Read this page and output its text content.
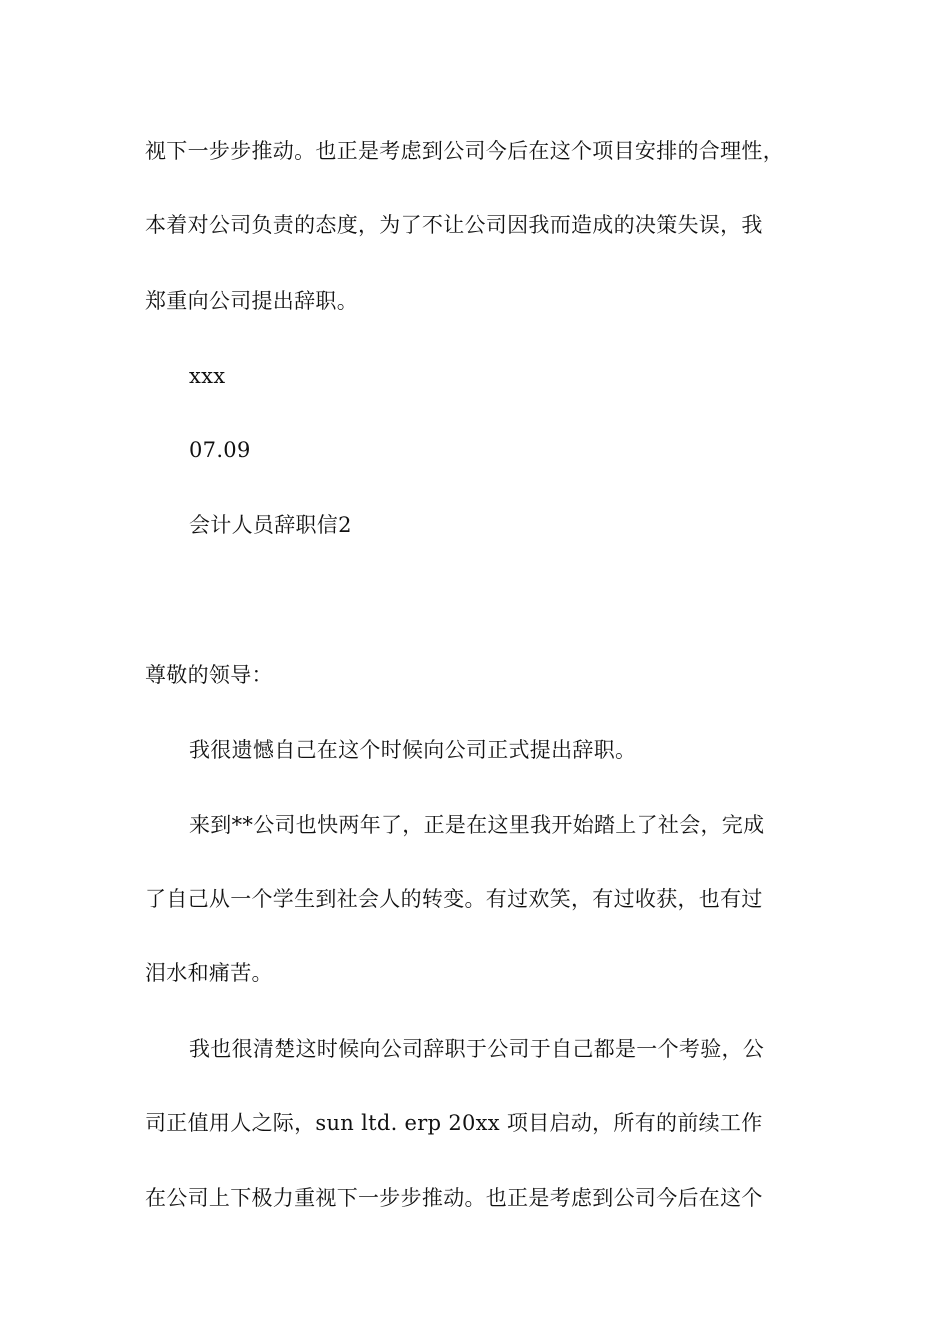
视下一步步推动。也正是考虑到公司今后在这个项目安排的合理性，
本着对公司负责的态度，为了不让公司因我而造成的决策失误，我
郑重向公司提出辞职。
xxx
07.09
会计人员辞职信2
尊敬的领导：
我很遗憾自己在这个时候向公司正式提出辞职。
来到**公司也快两年了，正是在这里我开始踏上了社会，完成
了自己从一个学生到社会人的转变。有过欢笑，有过收获，也有过
泪水和痛苦。
我也很清楚这时候向公司辞职于公司于自己都是一个考验，公
司正值用人之际，sun ltd. erp 20xx 项目启动，所有的前续工作
在公司上下极力重视下一步步推动。也正是考虑到公司今后在这个
